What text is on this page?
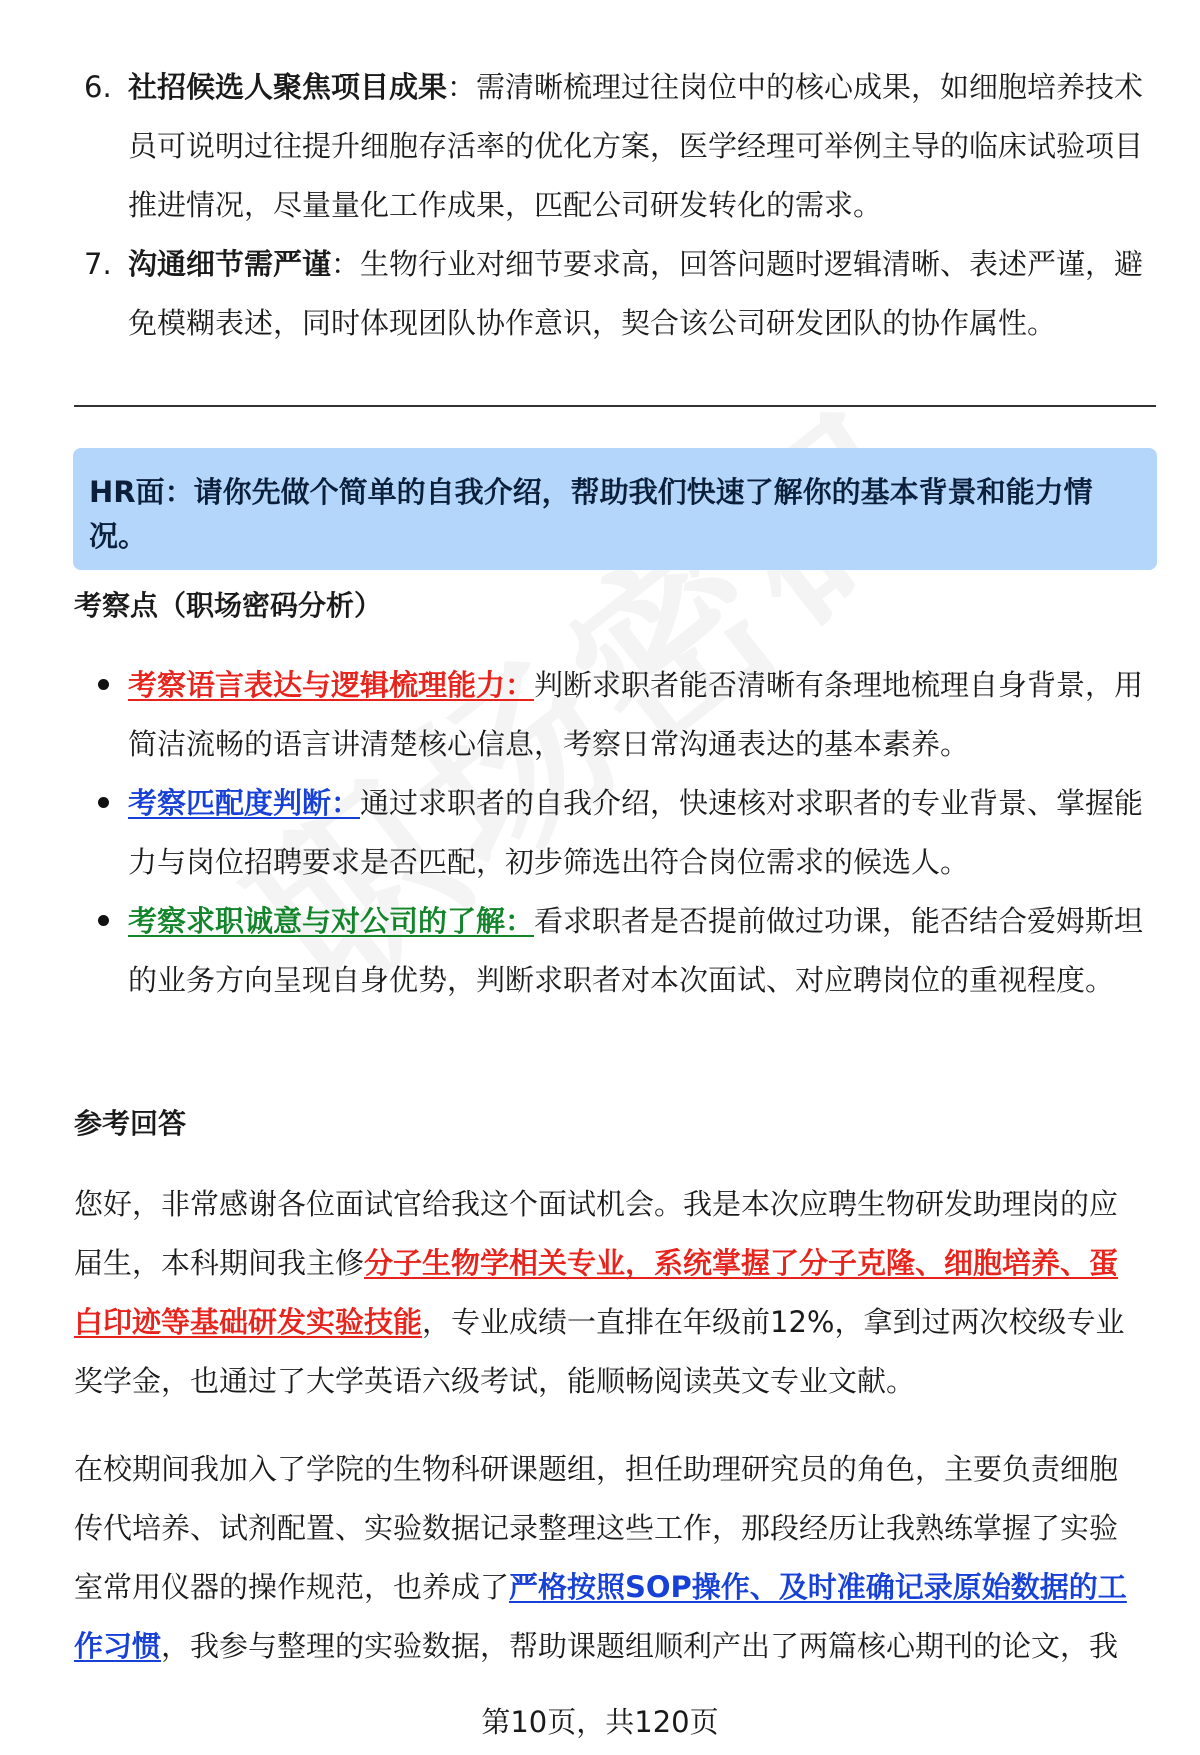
6. 社招候选人聚焦项目成果：需清晰梳理过往岗位中的核心成果，如细胞培养技术员可说明过往提升细胞存活率的优化方案，医学经理可举例主导的临床试验项目推进情况，尽量量化工作成果，匹配公司研发转化的需求。
7. 沟通细节需严谨：生物行业对细节要求高，回答问题时逻辑清晰、表述严谨，避免模糊表述，同时体现团队协作意识，契合该公司研发团队的协作属性。

HR面：请你先做个简单的自我介绍，帮助我们快速了解你的基本背景和能力情况。

考察点（职场密码分析）
考察语言表达与逻辑梳理能力：判断求职者能否清晰有条理地梳理自身背景，用简洁流畅的语言讲清楚核心信息，考察日常沟通表达的基本素养。
考察匹配度判断：通过求职者的自我介绍，快速核对求职者的专业背景、掌握能力与岗位招聘要求是否匹配，初步筛选出符合岗位需求的候选人。
考察求职诚意与对公司的了解：看求职者是否提前做过功课，能否结合爱姆斯坦的业务方向呈现自身优势，判断求职者对本次面试、对应聘岗位的重视程度。
参考回答

您好，非常感谢各位面试官给我这个面试机会。我是本次应聘生物研发助理岗的应届生，本科期间我主修分子生物学相关专业，系统掌握了分子克隆、细胞培养、蛋白印迹等基础研发实验技能，专业成绩一直排在年级前12%，拿到过两次校级专业奖学金，也通过了大学英语六级考试，能顺畅阅读英文专业文献。

在校期间我加入了学院的生物科研课题组，担任助理研究员的角色，主要负责细胞传代培养、试剂配置、实验数据记录整理这些工作，那段经历让我熟练掌握了实验室常用仪器的操作规范，也养成了严格按照SOP操作、及时准确记录原始数据的工作习惯，我参与整理的实验数据，帮助课题组顺利产出了两篇核心期刊的论文，我

第10页，共120页
